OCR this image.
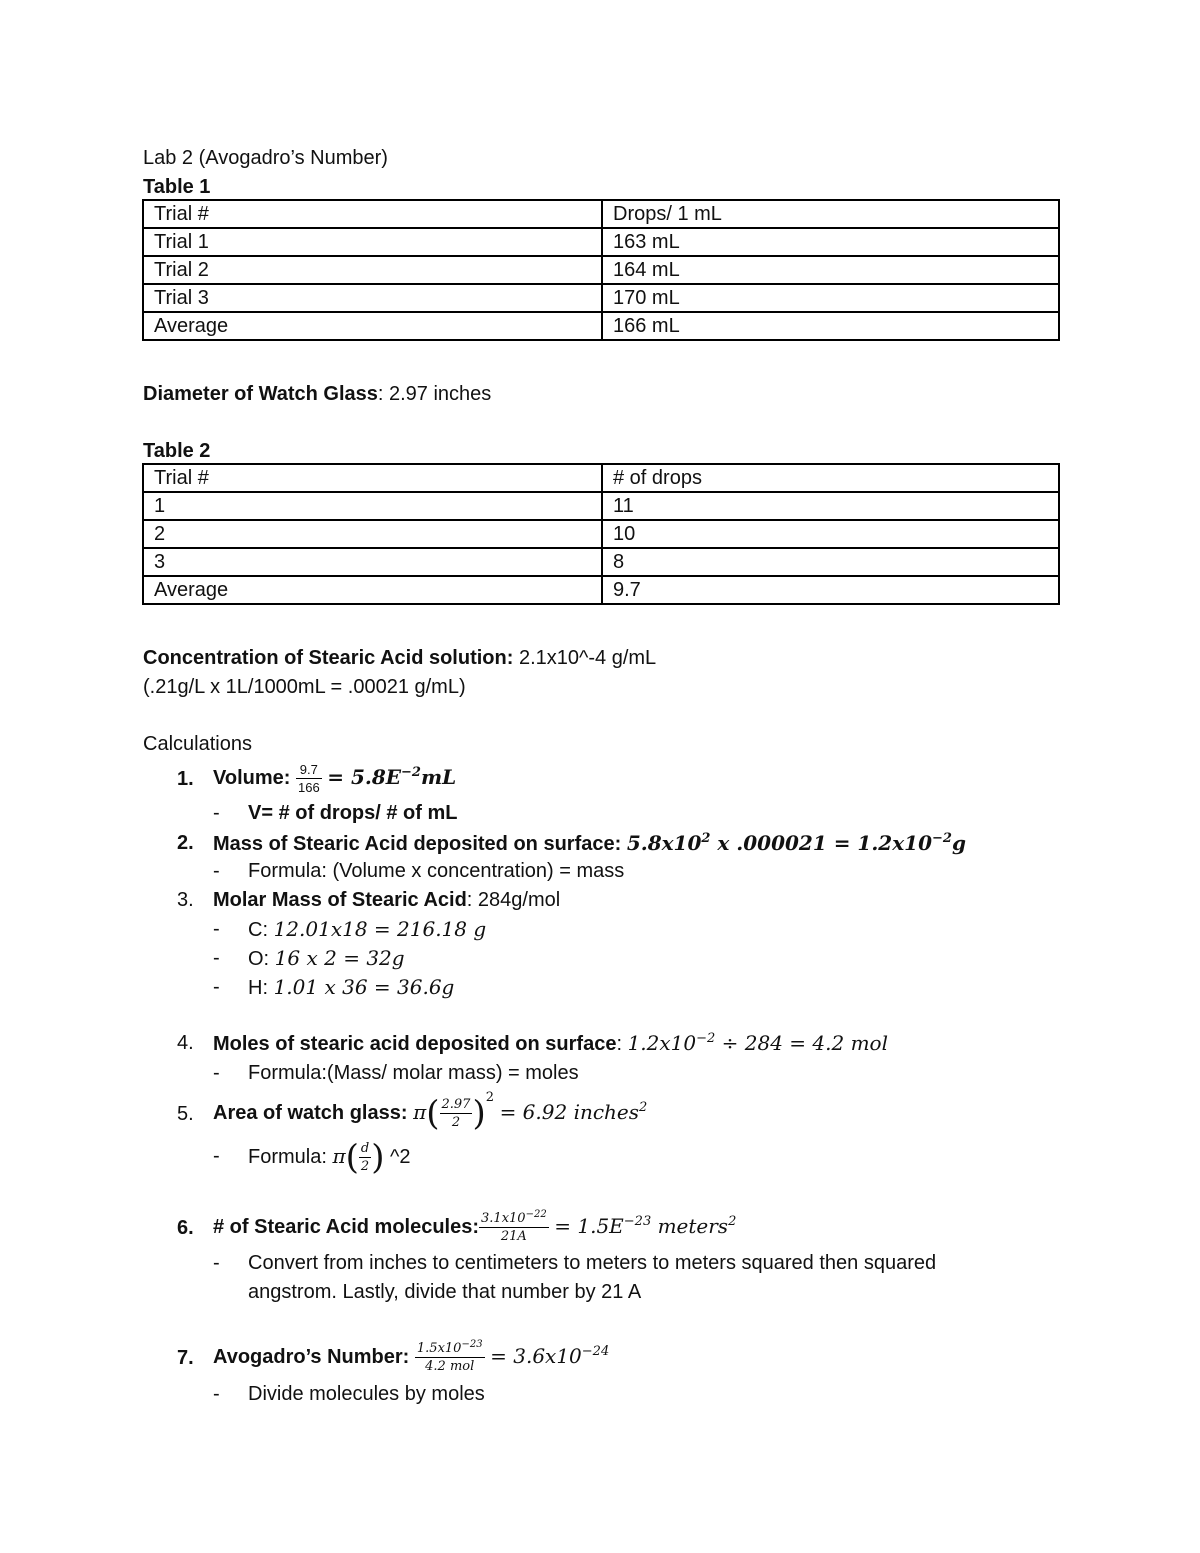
Lab 2 (Avogadro’s Number)
Table 1
Trial #	Drops/ 1 mL
Trial 1	163 mL
Trial 2	164 mL
Trial 3	170 mL
Average	166 mL
Diameter of Watch Glass: 2.97 inches
Table 2
Trial #	# of drops
1	11
2	10
3	8
Average	9.7
Concentration of Stearic Acid solution: 2.1x10^-4 g/mL
(.21g/L x 1L/1000mL = .00021 g/mL)
Calculations
1. Volume: $\frac{9.7}{166} = 5.8E^{-2}mL$
- V= # of drops/ # of mL
2. Mass of Stearic Acid deposited on surface: $5.8x10^2$ x $.000021 = 1.2x10^{-2}g$
- Formula: (Volume x concentration) = mass
3. Molar Mass of Stearic Acid: 284g/mol
- C: 12.01x18 = 216.18 g
- O: 16 x 2 = 32g
- H: 1.01 x 36 = 36.6g
4. Moles of stearic acid deposited on surface: $1.2x10^{-2} \div 284 = 4.2$ mol
- Formula:(Mass/ molar mass) = moles
5. Area of watch glass: $\pi( \frac{2.97}{2} )^2 = 6.92$ inches$^2$
- Formula: $\pi( \frac{d}{2}$ ) ^2
6. # of Stearic Acid molecules: $\frac{3.1x10^{-22}}{21A} = 1.5E^{-23}$ meters$^2$
- Convert from inches to centimeters to meters to meters squared then squared
angstrom. Lastly, divide that number by 21 A
7. Avogadro’s Number: $\frac{1.5x10^{-23}}{\text{4.2 mol}} = 3.6x10^{-24}$
- Divide molecules by moles
